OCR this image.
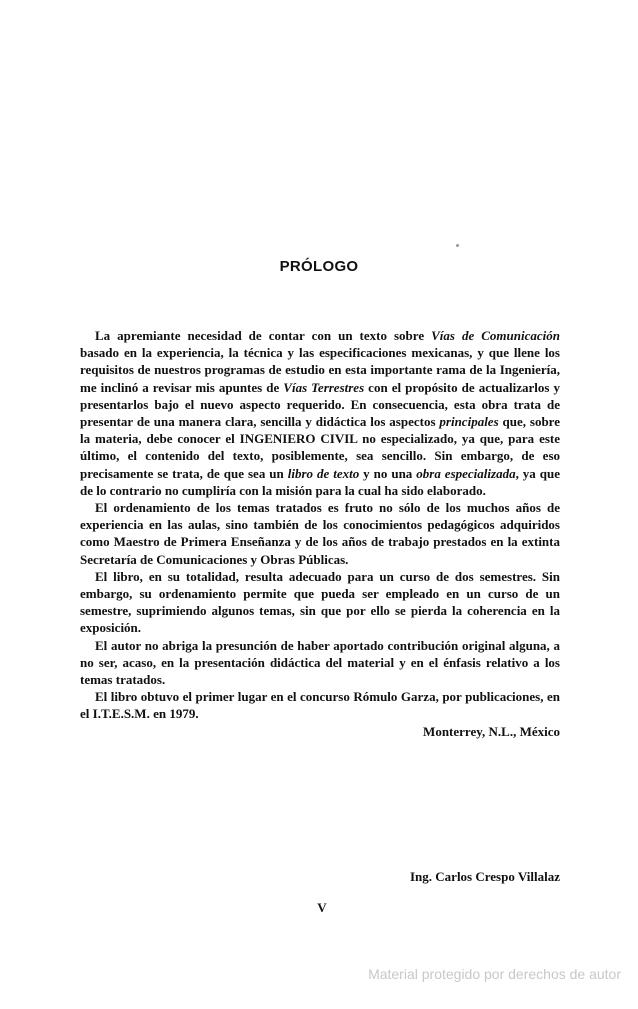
PRÓLOGO

La apremiante necesidad de contar con un texto sobre Vías de Comunicación basado en la experiencia, la técnica y las especificaciones mexicanas, y que llene los requisitos de nuestros programas de estudio en esta importante rama de la Ingeniería, me inclinó a revisar mis apuntes de Vías Terrestres con el propósito de actualizarlos y presentarlos bajo el nuevo aspecto requerido. En consecuencia, esta obra trata de presentar de una manera clara, sencilla y didáctica los aspectos principales que, sobre la materia, debe conocer el INGENIERO CIVIL no especializado, ya que, para este último, el contenido del texto, posiblemente, sea sencillo. Sin embargo, de eso precisamente se trata, de que sea un libro de texto y no una obra especializada, ya que de lo contrario no cumpliría con la misión para la cual ha sido elaborado.

El ordenamiento de los temas tratados es fruto no sólo de los muchos años de experiencia en las aulas, sino también de los conocimientos pedagógicos adquiridos como Maestro de Primera Enseñanza y de los años de trabajo prestados en la extinta Secretaría de Comunicaciones y Obras Públicas.

El libro, en su totalidad, resulta adecuado para un curso de dos semestres. Sin embargo, su ordenamiento permite que pueda ser empleado en un curso de un semestre, suprimiendo algunos temas, sin que por ello se pierda la coherencia en la exposición.

El autor no abriga la presunción de haber aportado contribución original alguna, a no ser, acaso, en la presentación didáctica del material y en el énfasis relativo a los temas tratados.

El libro obtuvo el primer lugar en el concurso Rómulo Garza, por publicaciones, en el I.T.E.S.M. en 1979.

Monterrey, N.L., México

Ing. Carlos Crespo Villalaz
V
Material protegido por derechos de autor
